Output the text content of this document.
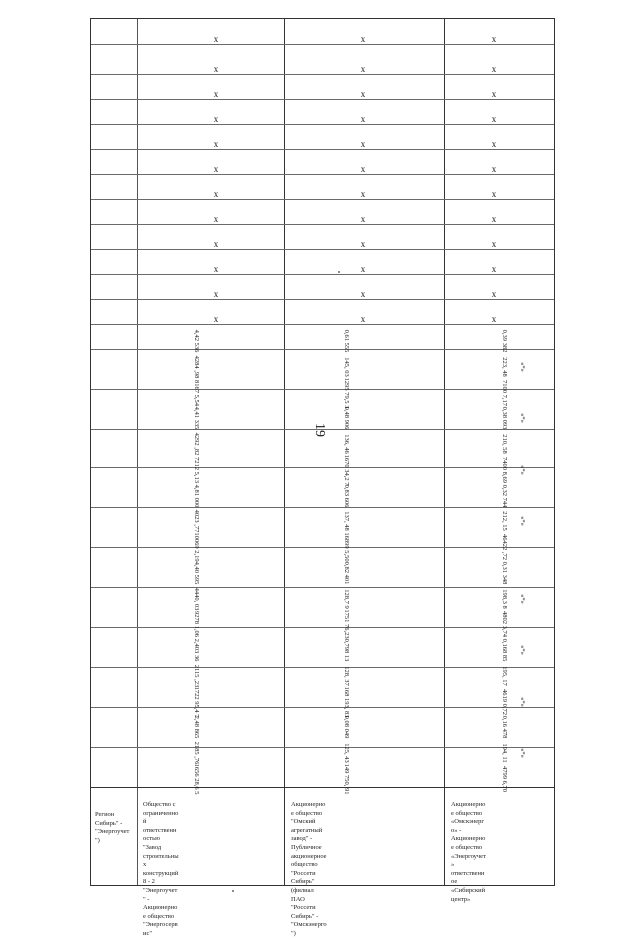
19
Регион Сибирь" - "Энергоучет")
Общество с ограниченной ответственностью "Завод строительных конструкций 8 - 2 "Энергоучет" - Акционерное общество "Энергосервис"
Акционерное общество "Омский агрегатный завод" - Публичное акционерное общество "Россети Сибирь" (филиал ПАО "Россети Сибирь" - "Омскэнерго")
Акционерное общество «Омскэнерго» - Акционерное общество «Энергоучет» ответственное «Сибирский центр»
x
x
x
x
x
x
x
x
x
x
x
x
x
x
x
x
x
x
x
x
x
x
x
x
x
x
x
x
x
x
x
x
x
x
x
x
1656 28,6 5
2185 ,76
2,48 865
1722 95,4 7
2115 ,23
2,403 36
9278 1,06
4440, 03
4,40 595
10069 2,19
4023 ,77
4,81 000
7212 5,13
4292 ,82
4,41 335
8167 5,54
4284 ,98
4,42 536
149 750, 91
125, 43
0,08 049
168 193, 83
128, 37
0,798 13
1751 76,23
128,7 9
0,82 401
16899 5,50
137, 48
0,83 606
1670 34,2 7
136, 46
0,48 906
1295 79,5 3
145, 03
0,61 555
4799 6,70
194, 11
0,16 478
4619 0,72
195, 17
0,168 85
4802 3,74
198,3 8
0,31 348
46422 ,72
212, 15
0,32 744
7400 8,69
210, 58
0,38 093
7100 7,17
223, 48
0,39 382
«*»
«*»
«*»
«*»
«*»
«*»
«*»
«*»
